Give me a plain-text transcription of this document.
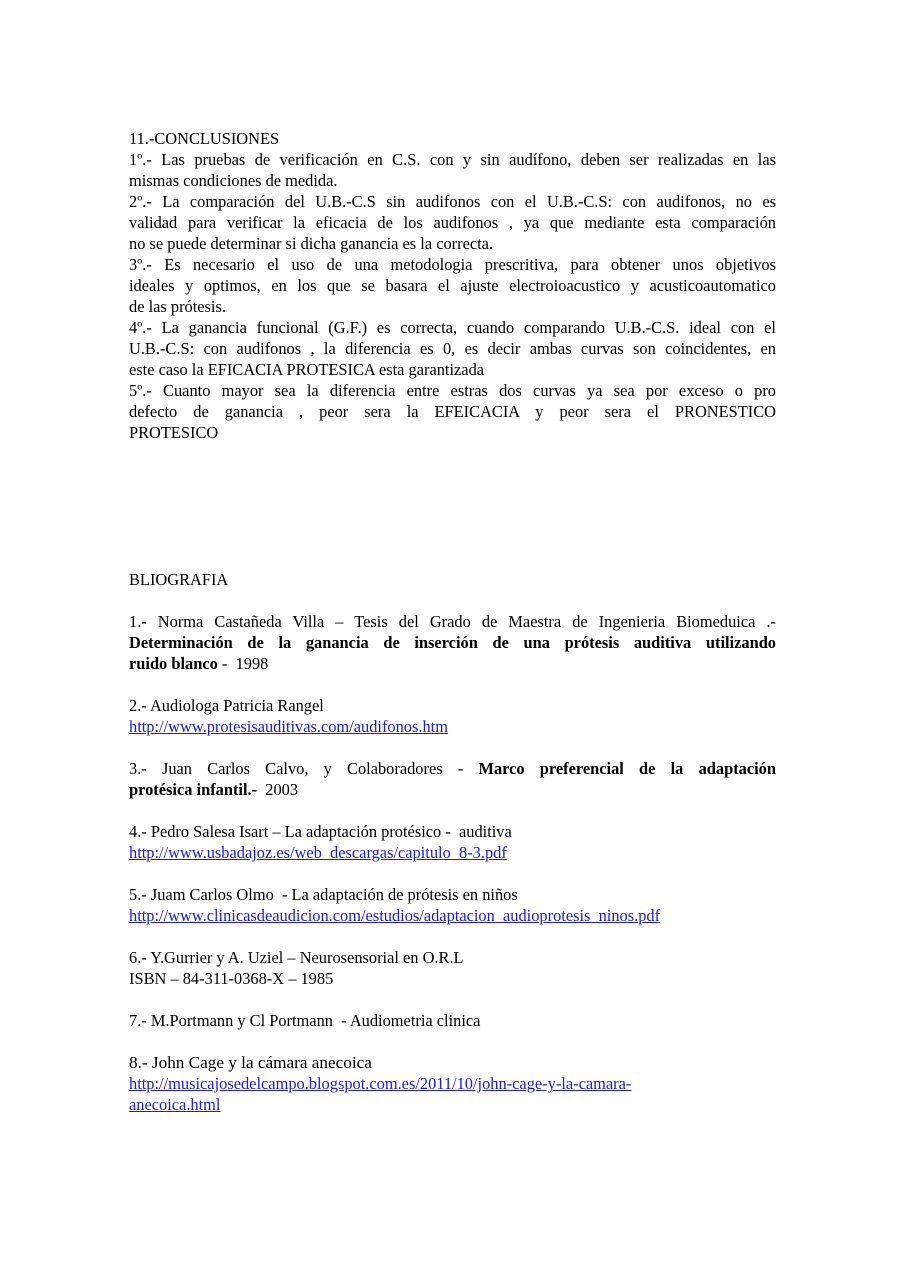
11.-CONCLUSIONES

1º.- Las pruebas de verificación en C.S. con y sin audífono, deben ser realizadas en las
mismas condiciones de medida.
2º.- La comparación del U.B.-C.S sin audifonos con el U.B.-C.S: con audifonos, no es
validad para verificar la eficacia de los audifonos , ya que mediante esta comparación
no se puede determinar si dicha ganancia es la correcta.
3º.- Es necesario el uso de una metodologia prescritiva, para obtener unos objetivos
ideales y optimos, en los que se basara el ajuste electroioacustico y acusticoautomatico
de las prótesis.
4º.- La ganancia funcional (G.F.) es correcta, cuando comparando U.B.-C.S. ideal con el
U.B.-C.S: con audifonos , la diferencia es 0, es decir ambas curvas son coincidentes, en
este caso la EFICACIA PROTESICA esta garantizada
5º.- Cuanto mayor sea la diferencia entre estras dos curvas ya sea por exceso o pro
defecto de ganancia , peor sera la EFEICACIA y peor sera el PRONESTICO
PROTESICO

BLIOGRAFIA

1.- Norma Castañeda Villa – Tesis del Grado de Maestra de Ingenieria Biomeduica .-
Determinación de la ganancia de inserción de una prótesis auditiva utilizando
ruido blanco -  1998
2.- Audiologa Patricia Rangel
http://www.protesisauditivas.com/audifonos.htm
3.- Juan Carlos Calvo, y Colaboradores - Marco preferencial de la adaptación
protésica infantil.-  2003
4.- Pedro Salesa Isart – La adaptación protésico -  auditiva
http://www.usbadajoz.es/web_descargas/capitulo_8-3.pdf
5.- Juam Carlos Olmo  - La adaptación de prótesis en niños
http://www.clinicasdeaudicion.com/estudios/adaptacion_audioprotesis_ninos.pdf
6.- Y.Gurrier y A. Uziel – Neurosensorial en O.R.L
ISBN – 84-311-0368-X – 1985
7.- M.Portmann y Cl Portmann  - Audiometria clinica
8.- John Cage y la cámara anecoica
http://musicajosedelcampo.blogspot.com.es/2011/10/john-cage-y-la-camara-
anecoica.html
